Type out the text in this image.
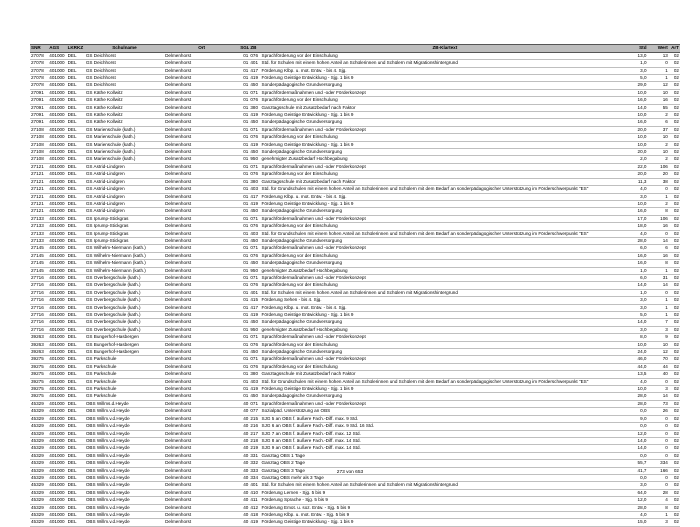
SNR	AGS	LKRKZ	Schulname	Ort	SGL	ZB	ZB-Klartext	Std	Wert	ArT
27078	401000	DEL	GS Deichhorst	Delmenhorst	01	076	Sprachförderung vor der Einschulung	13,0	13	02
27078	401000	DEL	GS Deichhorst	Delmenhorst	01	401	Std. für Schulen mit einem hohen Anteil an Schülerinnen und Schülern mit Migrationshintergrund	1,0	0	02
27078	401000	DEL	GS Deichhorst	Delmenhorst	01	417	Förderung Klbp. u. mot. Entw. - bis 4. Sjg.	3,0	1	02
27078	401000	DEL	GS Deichhorst	Delmenhorst	01	419	Förderung Geistige Entwicklung - Sjg. 1 bis 9	5,0	1	02
27078	401000	DEL	GS Deichhorst	Delmenhorst	01	450	Sonderpädagogische Grundversorgung	29,0	12	02
27091	401000	DEL	GS Käthe Kollwitz	Delmenhorst	01	071	Sprachfördermaßnahmen und -oder Förderkonzept	10,0	10	02
27091	401000	DEL	GS Käthe Kollwitz	Delmenhorst	01	076	Sprachförderung vor der Einschulung	16,0	16	02
27091	401000	DEL	GS Käthe Kollwitz	Delmenhorst	01	380	Ganztagsschule mit Zusatzbedarf nach Faktor	14,0	55	02
27091	401000	DEL	GS Käthe Kollwitz	Delmenhorst	01	419	Förderung Geistige Entwicklung - Sjg. 1 bis 9	10,0	2	02
27091	401000	DEL	GS Käthe Kollwitz	Delmenhorst	01	450	Sonderpädagogische Grundversorgung	16,0	6	02
27108	401000	DEL	GS Marienschule (kath.)	Delmenhorst	01	071	Sprachfördermaßnahmen und -oder Förderkonzept	20,0	37	02
27108	401000	DEL	GS Marienschule (kath.)	Delmenhorst	01	076	Sprachförderung vor der Einschulung	10,0	10	02
27108	401000	DEL	GS Marienschule (kath.)	Delmenhorst	01	419	Förderung Geistige Entwicklung - Sjg. 1 bis 9	10,0	2	02
27108	401000	DEL	GS Marienschule (kath.)	Delmenhorst	01	450	Sonderpädagogische Grundversorgung	20,0	10	02
27108	401000	DEL	GS Marienschule (kath.)	Delmenhorst	01	950	genehmigter Zusatzbedarf Hochbegabung	2,0	2	02
27121	401000	DEL	GS Astrid-Lindgren	Delmenhorst	01	071	Sprachfördermaßnahmen und -oder Förderkonzept	22,0	106	02
27121	401000	DEL	GS Astrid-Lindgren	Delmenhorst	01	076	Sprachförderung vor der Einschulung	20,0	20	02
27121	401000	DEL	GS Astrid-Lindgren	Delmenhorst	01	380	Ganztagsschule mit Zusatzbedarf nach Faktor	11,3	38	02
27121	401000	DEL	GS Astrid-Lindgren	Delmenhorst	01	403	Std. für Grundschulen mit einem hohen Anteil an Schülerinnen und Schülern mit dem Bedarf an sonderpädagogischer Unterstützung im Förderschwerpunkt "ES"	4,0	0	02
27121	401000	DEL	GS Astrid-Lindgren	Delmenhorst	01	417	Förderung Klbp. u. mot. Entw. - bis 4. Sjg.	3,0	1	02
27121	401000	DEL	GS Astrid-Lindgren	Delmenhorst	01	419	Förderung Geistige Entwicklung - Sjg. 1 bis 9	10,0	2	02
27121	401000	DEL	GS Astrid-Lindgren	Delmenhorst	01	450	Sonderpädagogische Grundversorgung	16,0	8	02
27133	401000	DEL	GS Iprump-Stickgras	Delmenhorst	01	071	Sprachfördermaßnahmen und -oder Förderkonzept	17,0	106	02
27133	401000	DEL	GS Iprump-Stickgras	Delmenhorst	01	076	Sprachförderung vor der Einschulung	18,0	16	02
27133	401000	DEL	GS Iprump-Stickgras	Delmenhorst	01	403	Std. für Grundschulen mit einem hohen Anteil an Schülerinnen und Schülern mit dem Bedarf an sonderpädagogischer Unterstützung im Förderschwerpunkt "ES"	4,0	0	02
27133	401000	DEL	GS Iprump-Stickgras	Delmenhorst	01	450	Sonderpädagogische Grundversorgung	28,0	14	02
27145	401000	DEL	GS Wilhelm-Niermann (kath.)	Delmenhorst	01	071	Sprachfördermaßnahmen und -oder Förderkonzept	6,0	6	02
27145	401000	DEL	GS Wilhelm-Niermann (kath.)	Delmenhorst	01	076	Sprachförderung vor der Einschulung	16,0	16	02
27145	401000	DEL	GS Wilhelm-Niermann (kath.)	Delmenhorst	01	450	Sonderpädagogische Grundversorgung	16,0	8	02
27145	401000	DEL	GS Wilhelm-Niermann (kath.)	Delmenhorst	01	950	genehmigter Zusatzbedarf Hochbegabung	1,0	1	02
27716	401000	DEL	GS Overbergschule (kath.)	Delmenhorst	01	071	Sprachfördermaßnahmen und -oder Förderkonzept	6,0	31	02
27716	401000	DEL	GS Overbergschule (kath.)	Delmenhorst	01	076	Sprachförderung vor der Einschulung	14,0	14	02
27716	401000	DEL	GS Overbergschule (kath.)	Delmenhorst	01	401	Std. für Schulen mit einem hohen Anteil an Schülerinnen und Schülern mit Migrationshintergrund	1,0	0	02
27716	401000	DEL	GS Overbergschule (kath.)	Delmenhorst	01	415	Förderung Sehen - bis 4. Sjg.	3,0	1	02
27716	401000	DEL	GS Overbergschule (kath.)	Delmenhorst	01	417	Förderung Klbp. u. mot. Entw. - bis 4. Sjg.	3,0	1	02
27716	401000	DEL	GS Overbergschule (kath.)	Delmenhorst	01	419	Förderung Geistige Entwicklung - Sjg. 1 bis 9	5,0	1	02
27716	401000	DEL	GS Overbergschule (kath.)	Delmenhorst	01	450	Sonderpädagogische Grundversorgung	14,0	7	02
27716	401000	DEL	GS Overbergschule (kath.)	Delmenhorst	01	950	genehmigter Zusatzbedarf Hochbegabung	3,0	3	02
39263	401000	DEL	GS Bungerhof-Hasbergen	Delmenhorst	01	071	Sprachfördermaßnahmen und -oder Förderkonzept	8,0	9	02
39263	401000	DEL	GS Bungerhof-Hasbergen	Delmenhorst	01	076	Sprachförderung vor der Einschulung	10,0	10	02
39263	401000	DEL	GS Bungerhof-Hasbergen	Delmenhorst	01	450	Sonderpädagogische Grundversorgung	24,0	12	02
39275	401000	DEL	GS Parkschule	Delmenhorst	01	071	Sprachfördermaßnahmen und -oder Förderkonzept	46,0	70	02
39275	401000	DEL	GS Parkschule	Delmenhorst	01	076	Sprachförderung vor der Einschulung	44,0	44	02
39275	401000	DEL	GS Parkschule	Delmenhorst	01	380	Ganztagsschule mit Zusatzbedarf nach Faktor	13,5	40	02
39275	401000	DEL	GS Parkschule	Delmenhorst	01	403	Std. für Grundschulen mit einem hohen Anteil an Schülerinnen und Schülern mit dem Bedarf an sonderpädagogischer Unterstützung im Förderschwerpunkt "ES"	4,0	0	02
39275	401000	DEL	GS Parkschule	Delmenhorst	01	419	Förderung Geistige Entwicklung - Sjg. 1 bis 9	10,0	3	02
39275	401000	DEL	GS Parkschule	Delmenhorst	01	450	Sonderpädagogische Grundversorgung	28,0	14	02
45329	401000	DEL	OBS Willms.d.Heyde	Delmenhorst	40	071	Sprachfördermaßnahmen und -oder Förderkonzept	28,0	73	02
45329	401000	DEL	OBS Willm.v.d.Heyde	Delmenhorst	40	077	Sozialpäd. Unterstützung an OBS	0,0	26	02
45329	401000	DEL	OBS Willm.v.d.Heyde	Delmenhorst	40	215	SJG 5 an OBS f. äußere Fach.-Diff. max. 9 Std.	9,0	0	02
45329	401000	DEL	OBS Willm.v.d.Heyde	Delmenhorst	40	216	SJG 6 an OBS f. äußere Fach.-Diff. max. 9 Std. 16 Std.	0,0	0	02
45329	401000	DEL	OBS Willm.v.d.Heyde	Delmenhorst	40	217	SJG 7 an OBS f. äußere Fach.-Diff. max. 12 Std.	12,0	0	02
45329	401000	DEL	OBS Willm.v.d.Heyde	Delmenhorst	40	218	SJG 8 an OBS f. äußere Fach.-Diff. max. 14 Std.	14,0	0	02
45329	401000	DEL	OBS Willm.v.d.Heyde	Delmenhorst	40	219	SJG 9 an OBS f. äußere Fach.-Diff. max. 14 Std.	14,0	0	02
45329	401000	DEL	OBS Willm.v.d.Heyde	Delmenhorst	40	331	Ganztag OBS 1 Tage	0,0	0	02
45329	401000	DEL	OBS Willm.v.d.Heyde	Delmenhorst	40	332	Ganztag OBS 2 Tage	55,7	334	02
45329	401000	DEL	OBS Willm.v.d.Heyde	Delmenhorst	40	333	Ganztag OBS 3 Tage	41,7	166	02
45329	401000	DEL	OBS Willm.v.d.Heyde	Delmenhorst	40	334	Ganztag OBS mehr als 3 Tage	0,0	0	02
45329	401000	DEL	OBS Willm.v.d.Heyde	Delmenhorst	40	401	Std. für Schulen mit einem hohen Anteil an Schülerinnen und Schülern mit Migrationshintergrund	3,0	0	02
45329	401000	DEL	OBS Willm.v.d.Heyde	Delmenhorst	40	410	Förderung Lernen - Sjg. 5 bis 9	64,0	28	02
45329	401000	DEL	OBS Willm.v.d.Heyde	Delmenhorst	40	411	Förderung Sprache - Sjg. 5 bis 9	12,0	4	02
45329	401000	DEL	OBS Willm.v.d.Heyde	Delmenhorst	40	412	Förderung Emot. u. soz. Entw. - Sjg. 5 bis 9	28,0	8	02
45329	401000	DEL	OBS Willm.v.d.Heyde	Delmenhorst	40	418	Förderung Klbp. u. mot. Entw. - Sjg. 5 bis 9	4,0	1	02
45329	401000	DEL	OBS Willm.v.d.Heyde	Delmenhorst	40	419	Förderung Geistige Entwicklung - Sjg. 1 bis 9	15,0	3	02
273 von 653
